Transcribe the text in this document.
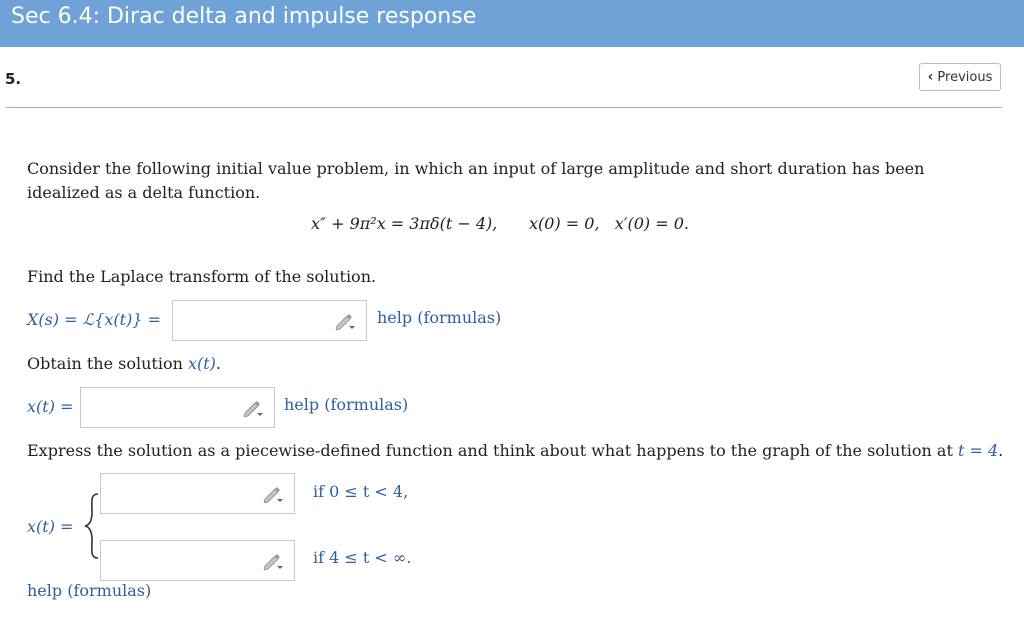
Sec 6.4: Dirac delta and impulse response
5.	‹ Previous
Consider the following initial value problem, in which an input of large amplitude and short duration has been idealized as a delta function.
x″ + 9π²x = 3πδ(t − 4), x(0) = 0,   x′(0) = 0.
Find the Laplace transform of the solution.
X(s) = ℒ{x(t)} =	help (formulas)
Obtain the solution x(t).
x(t) =	help (formulas)
Express the solution as a piecewise-defined function and think about what happens to the graph of the solution at t = 4.
x(t) =
if 0 ≤ t < 4,
if 4 ≤ t < ∞.
help (formulas)
